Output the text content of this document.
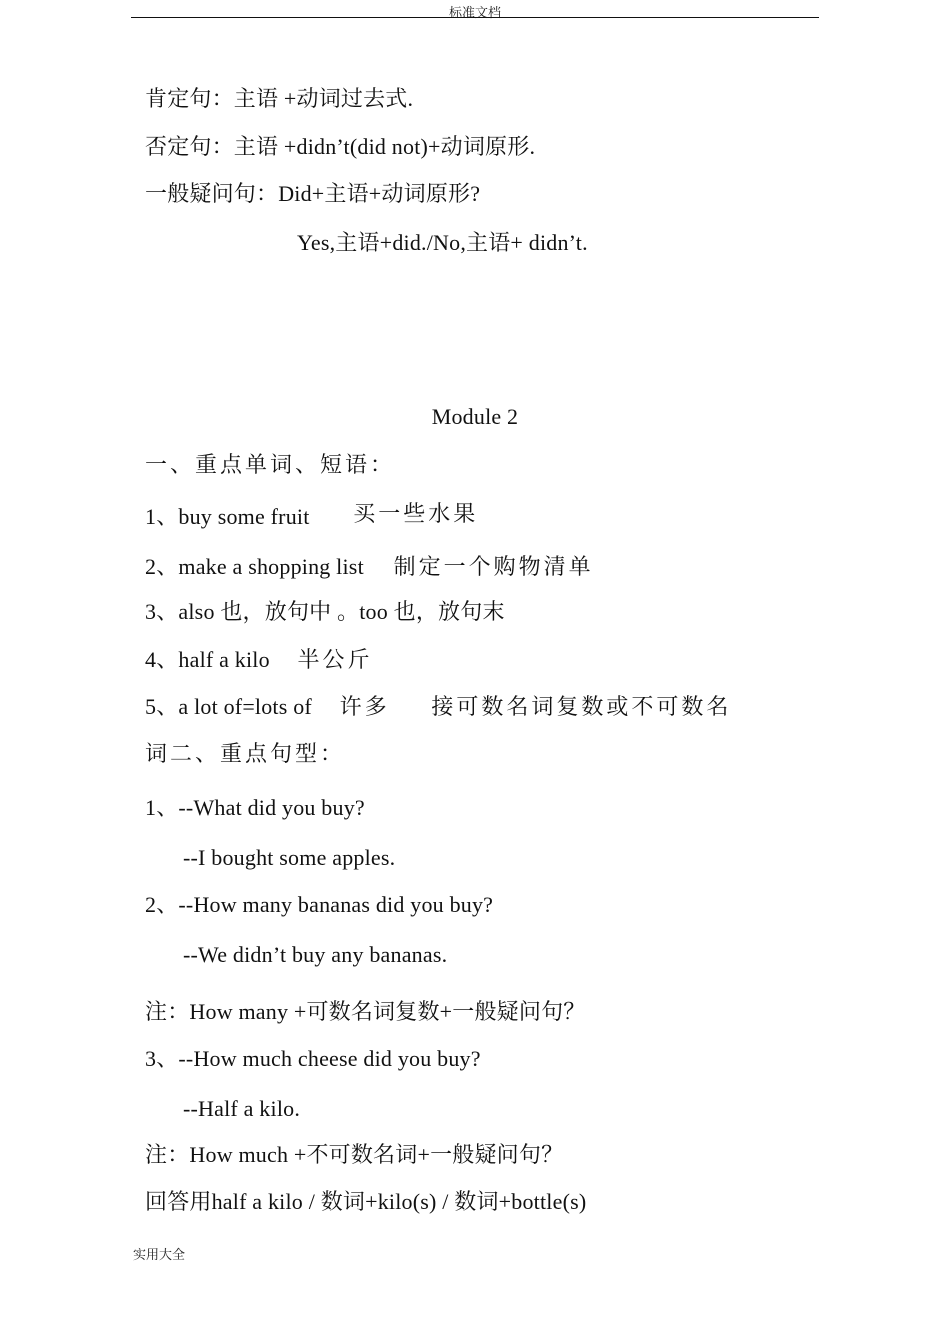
标准文档
肯定句：主语 +动词过去式.
否定句：主语 +didn’t(did not)+动词原形.
一般疑问句：Did+主语+动词原形?
Yes,主语+did./No,主语+ didn’t.
Module 2
一、重点单词、短语：
1、buy some fruit 买一些水果
2、make a shopping list 制定一个购物清单
3、also 也，放句中 。too 也，放句末
4、half a kilo 半公斤
5、a lot of=lots of 许多 接可数名词复数或不可数名
词二、重点句型：
1、--What did you buy?
--I bought some apples.
2、--How many bananas did you buy?
--We didn’t buy any bananas.
注：How many +可数名词复数+一般疑问句？
3、--How much cheese did you buy?
--Half a kilo.
注：How much +不可数名词+一般疑问句？
回答用half a kilo / 数词+kilo(s) / 数词+bottle(s)
实用大全
